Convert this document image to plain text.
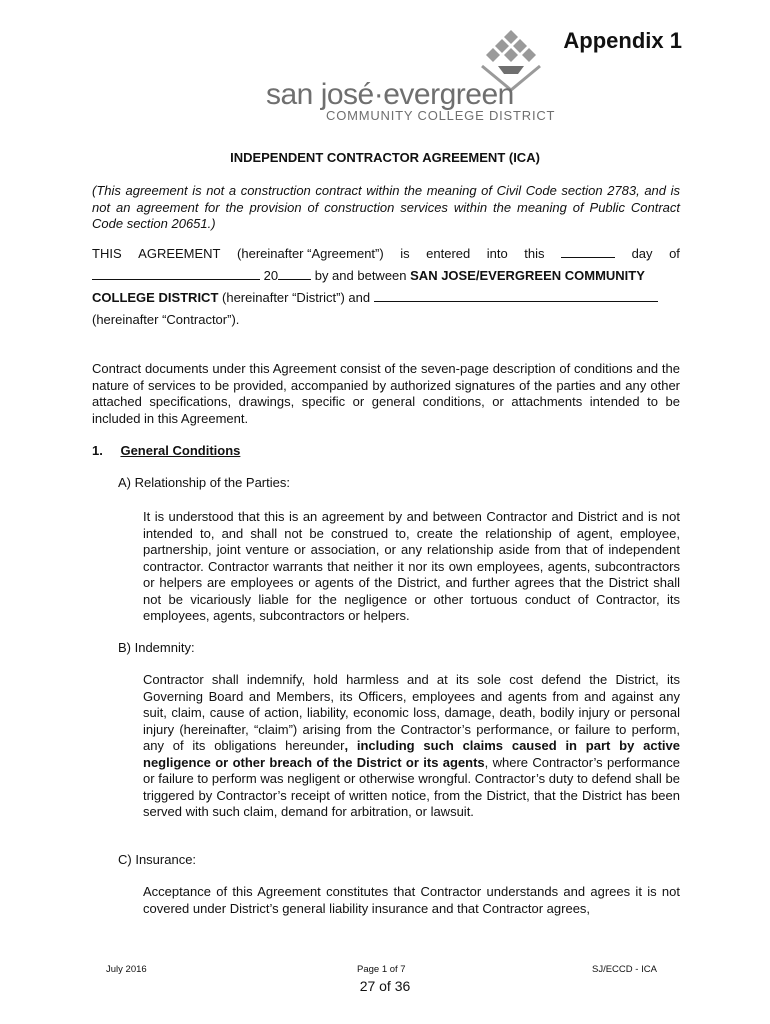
Appendix 1
san josé·evergreen
COMMUNITY COLLEGE DISTRICT
INDEPENDENT CONTRACTOR AGREEMENT (ICA)
(This agreement is not a construction contract within the meaning of Civil Code section 2783, and is not an agreement for the provision of construction services within the meaning of Public Contract Code section 20651.)
THIS AGREEMENT (hereinafter “Agreement”) is entered into this	day of
20	by and between SAN JOSE/EVERGREEN COMMUNITY
COLLEGE DISTRICT (hereinafter “District”) and
(hereinafter “Contractor”).
Contract documents under this Agreement consist of the seven-page description of conditions and the nature of services to be provided, accompanied by authorized signatures of the parties and any other attached specifications, drawings, specific or general conditions, or attachments intended to be included in this Agreement.
1. General Conditions
A) Relationship of the Parties:
It is understood that this is an agreement by and between Contractor and District and is not intended to, and shall not be construed to, create the relationship of agent, employee, partnership, joint venture or association, or any relationship aside from that of independent contractor. Contractor warrants that neither it nor its own employees, agents, subcontractors or helpers are employees or agents of the District, and further agrees that the District shall not be vicariously liable for the negligence or other tortuous conduct of Contractor, its employees, agents, subcontractors or helpers.
B) Indemnity:
Contractor shall indemnify, hold harmless and at its sole cost defend the District, its Governing Board and Members, its Officers, employees and agents from and against any suit, claim, cause of action, liability, economic loss, damage, death, bodily injury or personal injury (hereinafter, “claim”) arising from the Contractor’s performance, or failure to perform, any of its obligations hereunder, including such claims caused in part by active negligence or other breach of the District or its agents, where Contractor’s performance or failure to perform was negligent or otherwise wrongful. Contractor’s duty to defend shall be triggered by Contractor’s receipt of written notice, from the District, that the District has been served with such claim, demand for arbitration, or lawsuit.
C) Insurance:
Acceptance of this Agreement constitutes that Contractor understands and agrees it is not covered under District’s general liability insurance and that Contractor agrees,
July 2016	Page 1 of 7	SJ/ECCD - ICA
27 of 36
